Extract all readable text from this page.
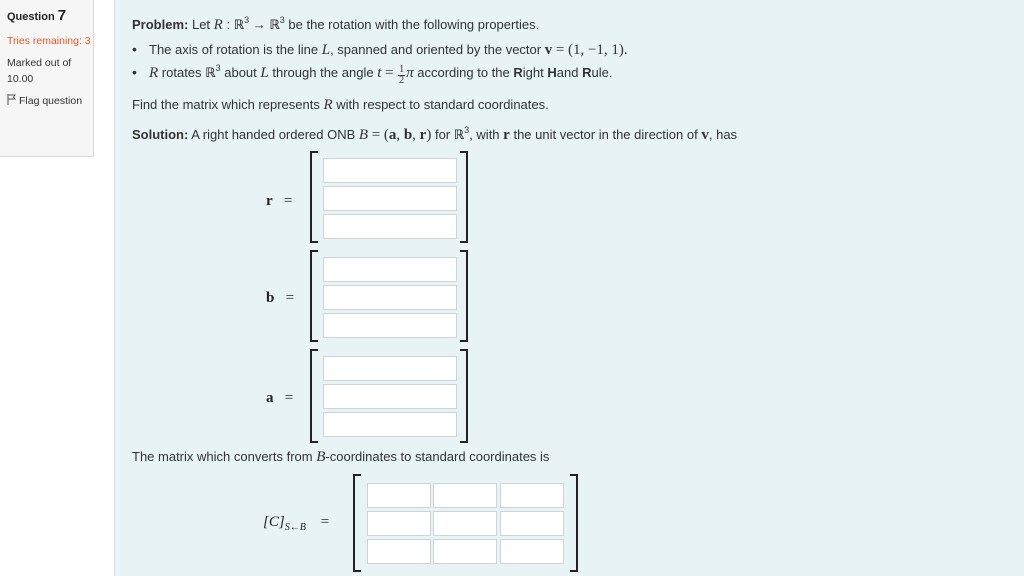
Question 7
Tries remaining: 3
Marked out of
10.00
Flag question
Problem: Let R : ℝ$^3$ → ℝ$^3$ be the rotation with the following properties.
• The axis of rotation is the line L, spanned and oriented by the vector v = (1, −1, 1).
• R rotates ℝ$^3$ about L through the angle $t = \frac{1}{2}$ π according to the Right Hand Rule.
Find the matrix which represents R with respect to standard coordinates.
Solution: A right handed ordered ONB B = (a, b, r) for ℝ$^3$, with r the unit vector in the direction of v, has
r   =
b   =
a   =
The matrix which converts from B-coordinates to standard coordinates is
$[C]_{S\leftarrow B}$    =
